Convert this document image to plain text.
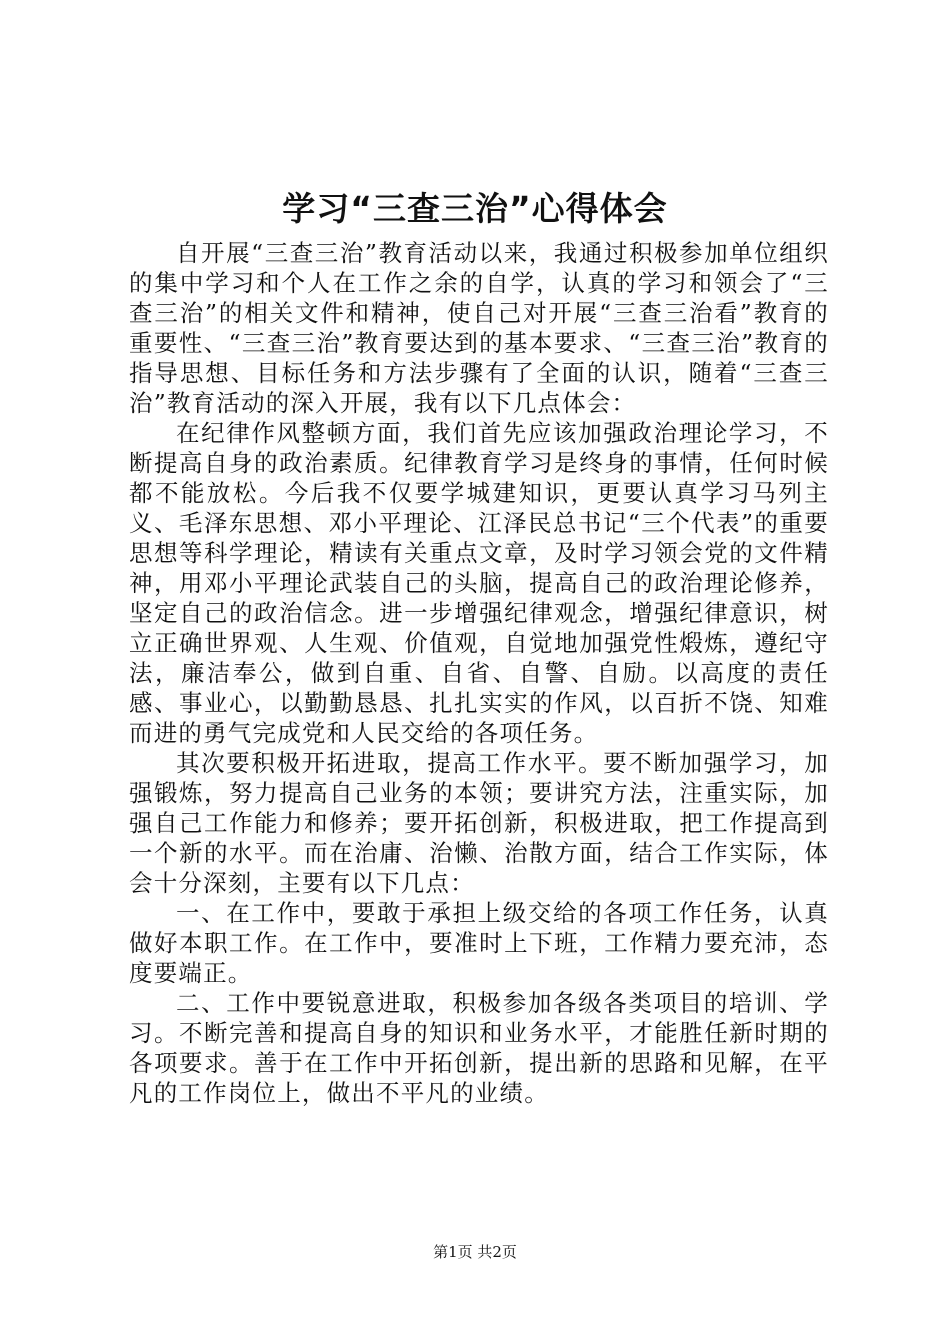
学习“三查三治”心得体会

自开展“三查三治”教育活动以来，我通过积极参加单位组织的集中学习和个人在工作之余的自学，认真的学习和领会了“三查三治”的相关文件和精神，使自己对开展“三查三治看”教育的重要性、“三查三治”教育要达到的基本要求、“三查三治”教育的指导思想、目标任务和方法步骤有了全面的认识，随着“三查三治”教育活动的深入开展，我有以下几点体会：

在纪律作风整顿方面，我们首先应该加强政治理论学习，不断提高自身的政治素质。纪律教育学习是终身的事情，任何时候都不能放松。今后我不仅要学城建知识，更要认真学习马列主义、毛泽东思想、邓小平理论、江泽民总书记“三个代表”的重要思想等科学理论，精读有关重点文章，及时学习领会党的文件精神，用邓小平理论武装自己的头脑，提高自己的政治理论修养，坚定自己的政治信念。进一步增强纪律观念，增强纪律意识，树立正确世界观、人生观、价值观，自觉地加强党性煅炼，遵纪守法，廉洁奉公，做到自重、自省、自警、自励。以高度的责任感、事业心，以勤勤恳恳、扎扎实实的作风，以百折不饶、知难而进的勇气完成党和人民交给的各项任务。

其次要积极开拓进取，提高工作水平。要不断加强学习，加强锻炼，努力提高自己业务的本领；要讲究方法，注重实际，加强自己工作能力和修养；要开拓创新，积极进取，把工作提高到一个新的水平。而在治庸、治懒、治散方面，结合工作实际，体会十分深刻，主要有以下几点：

一、在工作中，要敢于承担上级交给的各项工作任务，认真做好本职工作。在工作中，要准时上下班，工作精力要充沛，态度要端正。

二、工作中要锐意进取，积极参加各级各类项目的培训、学习。不断完善和提高自身的知识和业务水平，才能胜任新时期的各项要求。善于在工作中开拓创新，提出新的思路和见解，在平凡的工作岗位上，做出不平凡的业绩。

第1页 共2页
